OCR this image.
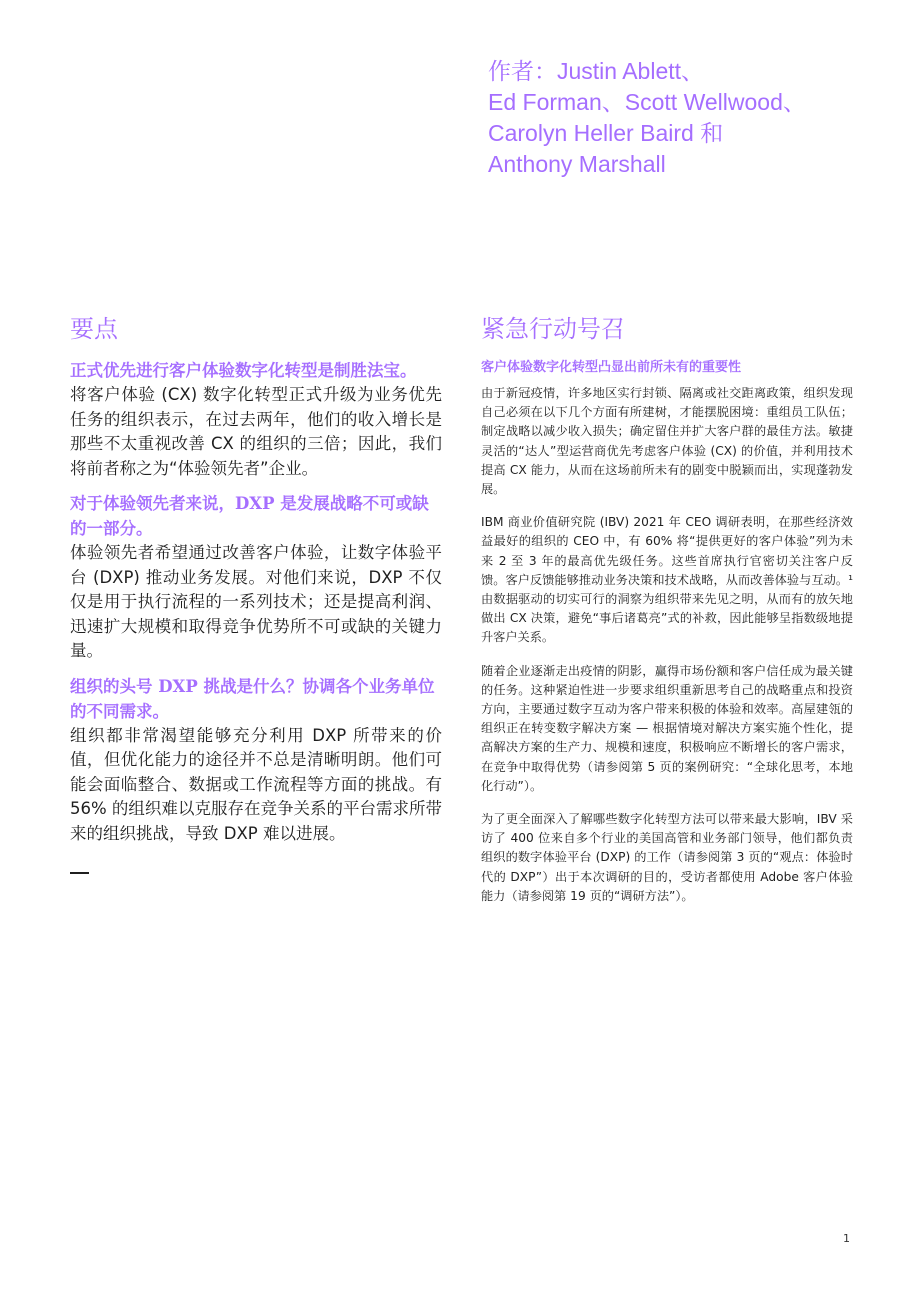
作者：Justin Ablett、
Ed Forman、Scott Wellwood、
Carolyn Heller Baird 和
Anthony Marshall
要点
正式优先进行客户体验数字化转型是制胜法宝。
将客户体验 (CX) 数字化转型正式升级为业务优先任务的组织表示，在过去两年，他们的收入增长是那些不太重视改善 CX 的组织的三倍；因此，我们将前者称之为“体验领先者”企业。
对于体验领先者来说，DXP 是发展战略不可或缺的一部分。
体验领先者希望通过改善客户体验，让数字体验平台 (DXP) 推动业务发展。对他们来说，DXP 不仅仅是用于执行流程的一系列技术；还是提高利润、迅速扩大规模和取得竞争优势所不可或缺的关键力量。
组织的头号 DXP 挑战是什么？协调各个业务单位的不同需求。
组织都非常渴望能够充分利用 DXP 所带来的价值，但优化能力的途径并不总是清晰明朗。他们可能会面临整合、数据或工作流程等方面的挑战。有 56% 的组织难以克服存在竞争关系的平台需求所带来的组织挑战，导致 DXP 难以进展。
紧急行动号召
客户体验数字化转型凸显出前所未有的重要性

由于新冠疫情，许多地区实行封锁、隔离或社交距离政策，组织发现自己必须在以下几个方面有所建树，才能摆脱困境：重组员工队伍；制定战略以减少收入损失；确定留住并扩大客户群的最佳方法。敏捷灵活的“达人”型运营商优先考虑客户体验 (CX) 的价值，并利用技术提高 CX 能力，从而在这场前所未有的剧变中脱颖而出，实现蓬勃发展。

IBM 商业价值研究院 (IBV) 2021 年 CEO 调研表明，在那些经济效益最好的组织的 CEO 中，有 60% 将“提供更好的客户体验”列为未来 2 至 3 年的最高优先级任务。这些首席执行官密切关注客户反馈。客户反馈能够推动业务决策和技术战略，从而改善体验与互动。¹ 由数据驱动的切实可行的洞察为组织带来先见之明，从而有的放矢地做出 CX 决策，避免“事后诸葛亮”式的补救，因此能够呈指数级地提升客户关系。

随着企业逐渐走出疫情的阴影，赢得市场份额和客户信任成为最关键的任务。这种紧迫性进一步要求组织重新思考自己的战略重点和投资方向，主要通过数字互动为客户带来积极的体验和效率。高屋建瓴的组织正在转变数字解决方案 — 根据情境对解决方案实施个性化，提高解决方案的生产力、规模和速度，积极响应不断增长的客户需求，在竞争中取得优势（请参阅第 5 页的案例研究：“全球化思考，本地化行动”）。

为了更全面深入了解哪些数字化转型方法可以带来最大影响，IBV 采访了 400 位来自多个行业的美国高管和业务部门领导，他们都负责组织的数字体验平台 (DXP) 的工作（请参阅第 3 页的“观点：体验时代的 DXP”）出于本次调研的目的，受访者都使用 Adobe 客户体验能力（请参阅第 19 页的“调研方法”）。

1
